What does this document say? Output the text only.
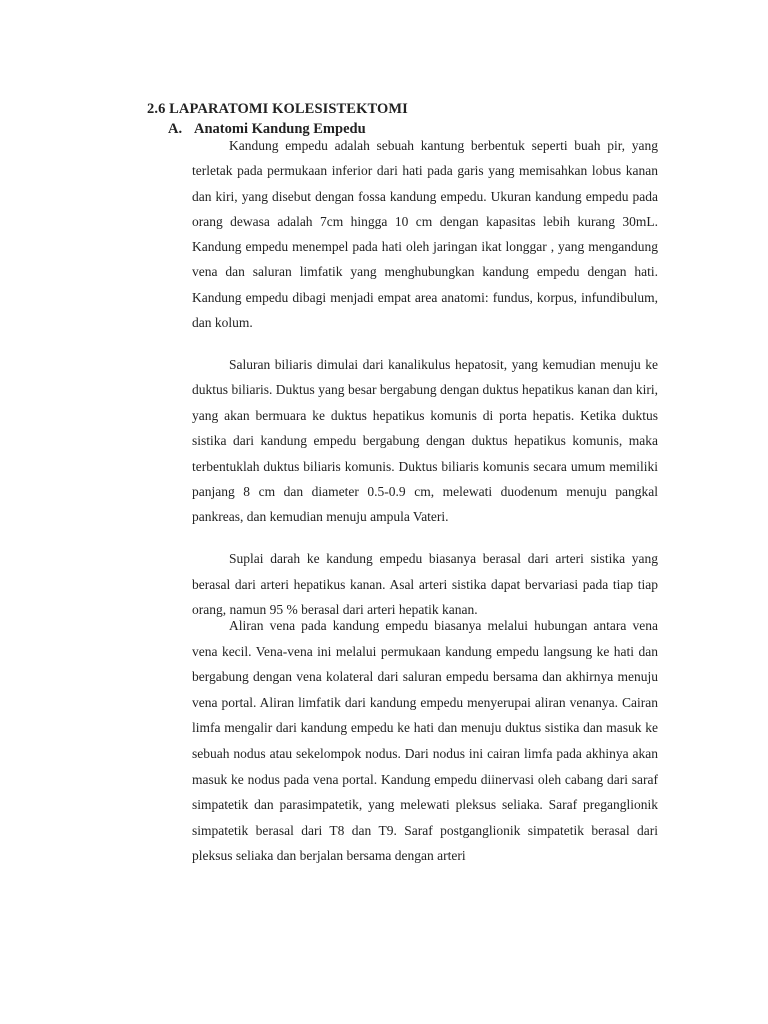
2.6 LAPARATOMI KOLESISTEKTOMI
A. Anatomi Kandung Empedu

Kandung empedu adalah sebuah kantung berbentuk seperti buah pir, yang terletak pada permukaan inferior dari hati pada garis yang memisahkan lobus kanan dan kiri, yang disebut dengan fossa kandung empedu. Ukuran kandung empedu pada orang dewasa adalah 7cm hingga 10 cm dengan kapasitas lebih kurang 30mL. Kandung empedu menempel pada hati oleh jaringan ikat longgar , yang mengandung vena dan saluran limfatik yang menghubungkan kandung empedu dengan hati. Kandung empedu dibagi menjadi empat area anatomi: fundus, korpus, infundibulum, dan kolum.

Saluran biliaris dimulai dari kanalikulus hepatosit, yang kemudian menuju ke duktus biliaris. Duktus yang besar bergabung dengan duktus hepatikus kanan dan kiri, yang akan bermuara ke duktus hepatikus komunis di porta hepatis. Ketika duktus sistika dari kandung empedu bergabung dengan duktus hepatikus komunis, maka terbentuklah duktus biliaris komunis. Duktus biliaris komunis secara umum memiliki panjang 8 cm dan diameter 0.5-0.9 cm, melewati duodenum menuju pangkal pankreas, dan kemudian menuju ampula Vateri.

Suplai darah ke kandung empedu biasanya berasal dari arteri sistika yang berasal dari arteri hepatikus kanan. Asal arteri sistika dapat bervariasi pada tiap tiap orang, namun 95 % berasal dari arteri hepatik kanan.

Aliran vena pada kandung empedu biasanya melalui hubungan antara vena vena kecil. Vena-vena ini melalui permukaan kandung empedu langsung ke hati dan bergabung dengan vena kolateral dari saluran empedu bersama dan akhirnya menuju vena portal. Aliran limfatik dari kandung empedu menyerupai aliran venanya. Cairan limfa mengalir dari kandung empedu ke hati dan menuju duktus sistika dan masuk ke sebuah nodus atau sekelompok nodus. Dari nodus ini cairan limfa pada akhinya akan masuk ke nodus pada vena portal. Kandung empedu diinervasi oleh cabang dari saraf simpatetik dan parasimpatetik, yang melewati pleksus seliaka. Saraf preganglionik simpatetik berasal dari T8 dan T9. Saraf postganglionik simpatetik berasal dari pleksus seliaka dan berjalan bersama dengan arteri
